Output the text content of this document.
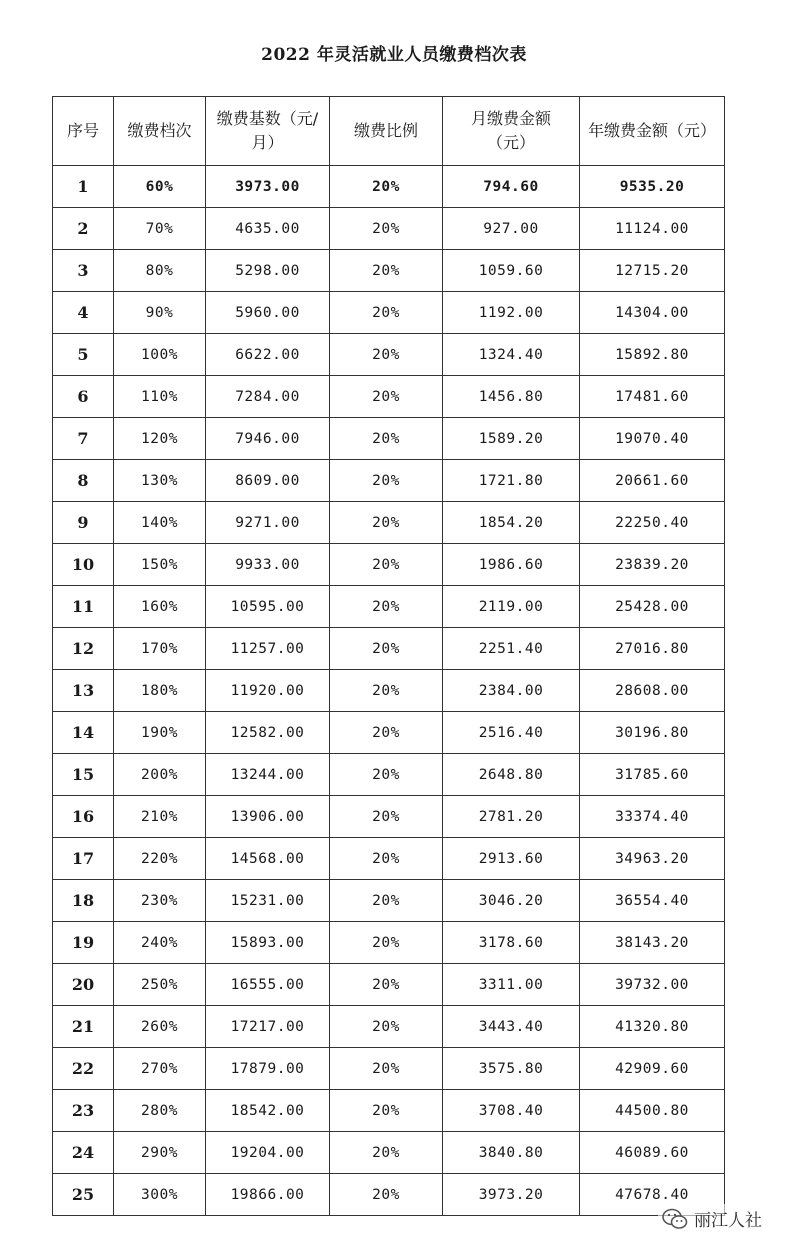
2022 年灵活就业人员缴费档次表
序号	缴费档次	缴费基数（元/月）	缴费比例	月缴费金额（元）	年缴费金额（元）
1	60%	3973.00	20%	794.60	9535.20
2	70%	4635.00	20%	927.00	11124.00
3	80%	5298.00	20%	1059.60	12715.20
4	90%	5960.00	20%	1192.00	14304.00
5	100%	6622.00	20%	1324.40	15892.80
6	110%	7284.00	20%	1456.80	17481.60
7	120%	7946.00	20%	1589.20	19070.40
8	130%	8609.00	20%	1721.80	20661.60
9	140%	9271.00	20%	1854.20	22250.40
10	150%	9933.00	20%	1986.60	23839.20
11	160%	10595.00	20%	2119.00	25428.00
12	170%	11257.00	20%	2251.40	27016.80
13	180%	11920.00	20%	2384.00	28608.00
14	190%	12582.00	20%	2516.40	30196.80
15	200%	13244.00	20%	2648.80	31785.60
16	210%	13906.00	20%	2781.20	33374.40
17	220%	14568.00	20%	2913.60	34963.20
18	230%	15231.00	20%	3046.20	36554.40
19	240%	15893.00	20%	3178.60	38143.20
20	250%	16555.00	20%	3311.00	39732.00
21	260%	17217.00	20%	3443.40	41320.80
22	270%	17879.00	20%	3575.80	42909.60
23	280%	18542.00	20%	3708.40	44500.80
24	290%	19204.00	20%	3840.80	46089.60
25	300%	19866.00	20%	3973.20	47678.40
丽江人社
